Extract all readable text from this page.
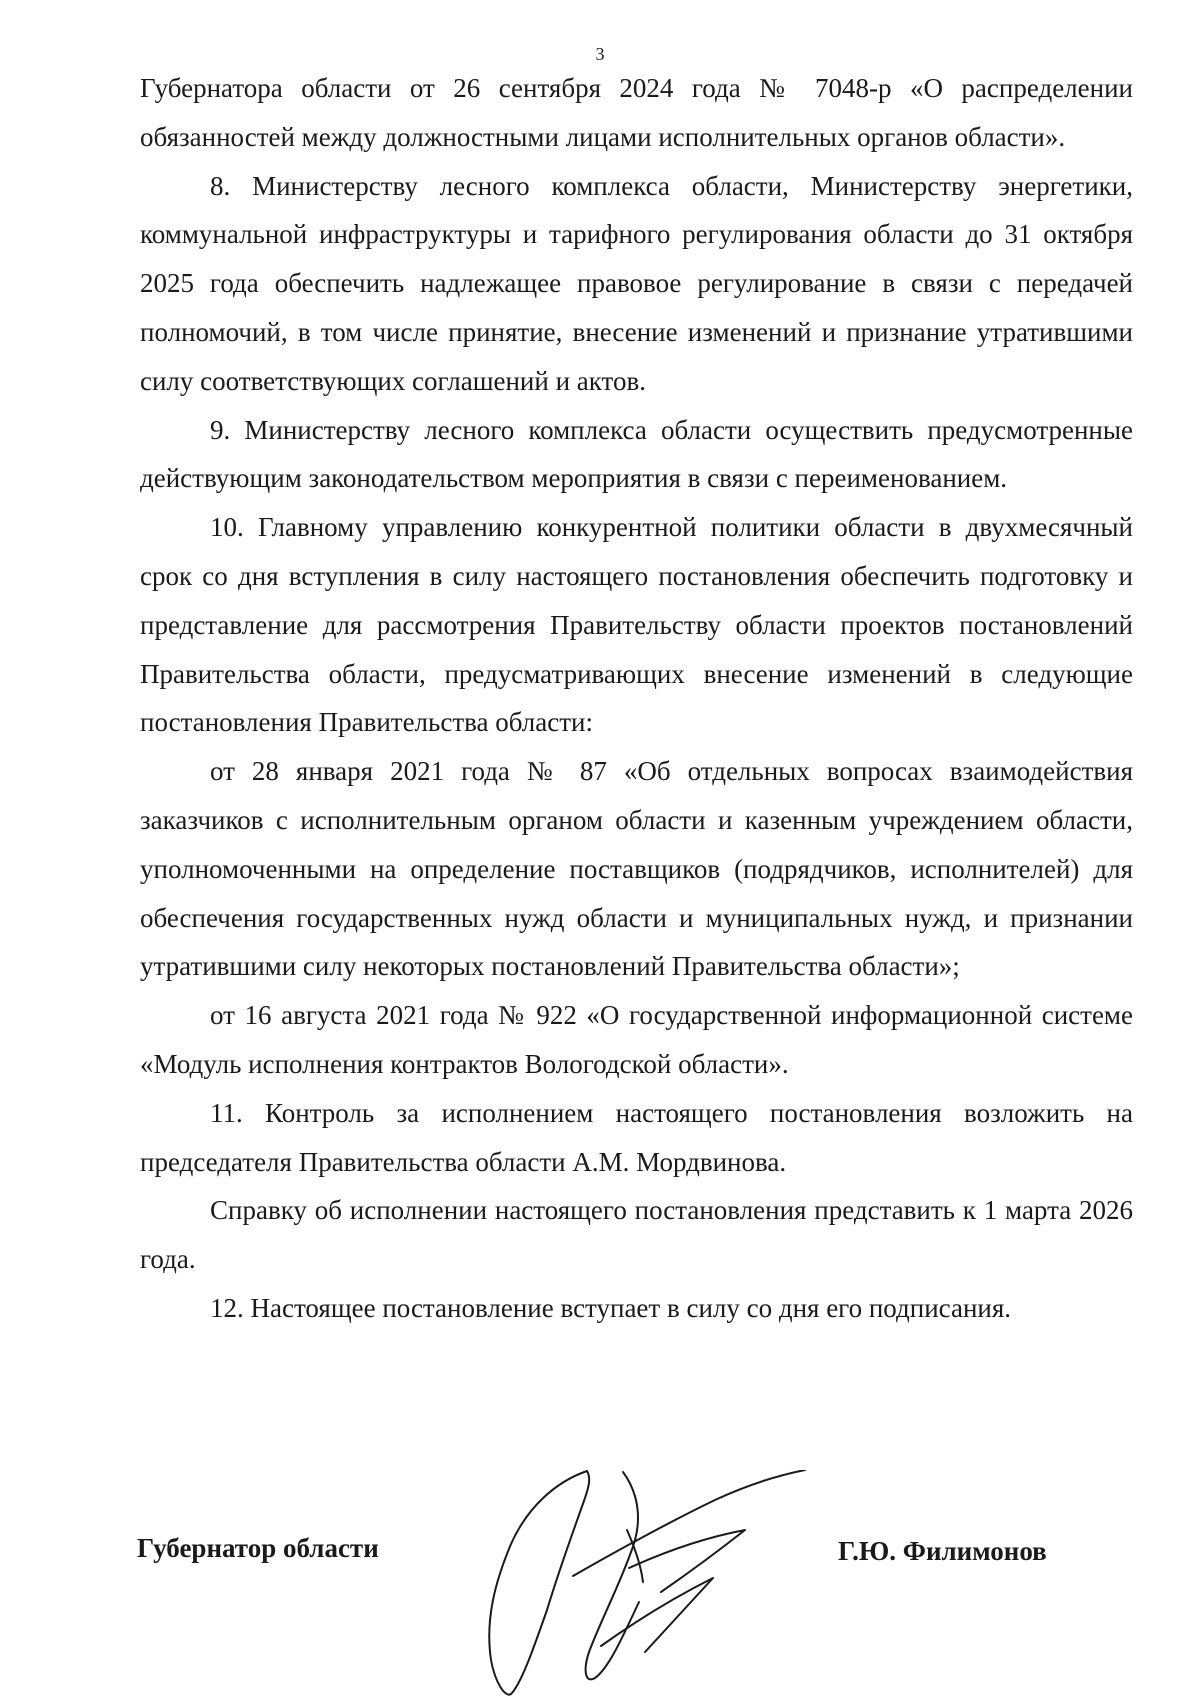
3

Губернатора области от 26 сентября 2024 года № 7048-р «О распределении обязанностей между должностными лицами исполнительных органов области».

8. Министерству лесного комплекса области, Министерству энергетики, коммунальной инфраструктуры и тарифного регулирования области до 31 октября 2025 года обеспечить надлежащее правовое регулирование в связи с передачей полномочий, в том числе принятие, внесение изменений и признание утратившими силу соответствующих соглашений и актов.

9. Министерству лесного комплекса области осуществить предусмотренные действующим законодательством мероприятия в связи с переименованием.

10. Главному управлению конкурентной политики области в двухмесячный срок со дня вступления в силу настоящего постановления обеспечить подготовку и представление для рассмотрения Правительству области проектов постановлений Правительства области, предусматривающих внесение изменений в следующие постановления Правительства области:

от 28 января 2021 года № 87 «Об отдельных вопросах взаимодействия заказчиков с исполнительным органом области и казенным учреждением области, уполномоченными на определение поставщиков (подрядчиков, исполнителей) для обеспечения государственных нужд области и муниципальных нужд, и признании утратившими силу некоторых постановлений Правительства области»;

от 16 августа 2021 года № 922 «О государственной информационной системе «Модуль исполнения контрактов Вологодской области».

11. Контроль за исполнением настоящего постановления возложить на председателя Правительства области А.М. Мордвинова.

Справку об исполнении настоящего постановления представить к 1 марта 2026 года.

12. Настоящее постановление вступает в силу со дня его подписания.

Губернатор области	Г.Ю. Филимонов
